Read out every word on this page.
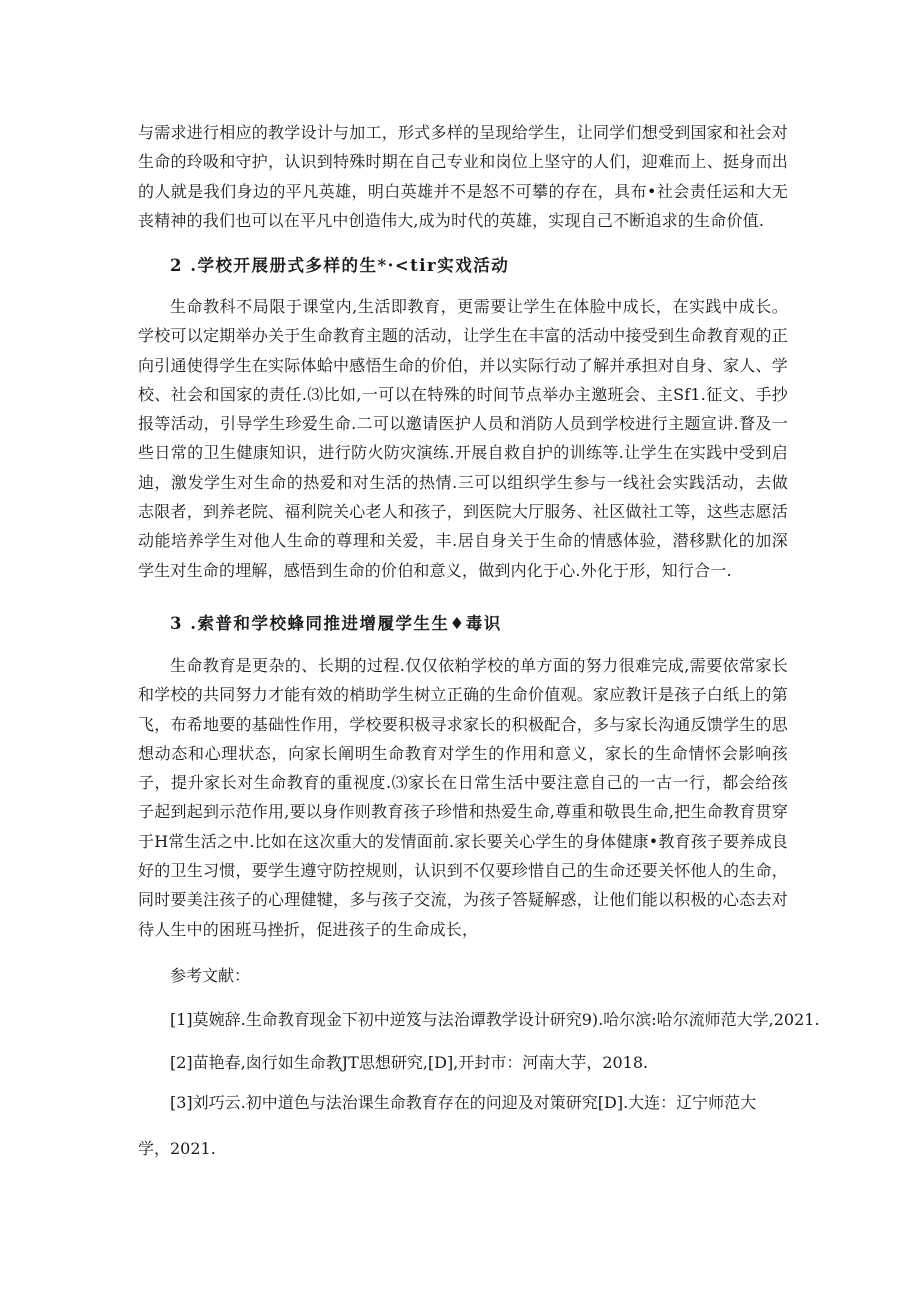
与需求进行相应的教学设计与加工，形式多样的呈现给学生，让同学们想受到国家和社会对生命的玲吸和守护，认识到特殊时期在自己专业和岗位上坚守的人们，迎难而上、挺身而出的人就是我们身边的平凡英雄，明白英雄并不是怒不可攀的存在，具布•社会责任运和大无丧精神的我们也可以在平凡中创造伟大,成为时代的英雄，实现自己不断追求的生命价值.

2 .学校开展册式多样的生*·<tir实戏活动

生命教科不局限于课堂内,生活即教育，更需要让学生在体脸中成长，在实践中成长。学校可以定期举办关于生命教育主题的活动，让学生在丰富的活动中接受到生命教育观的正向引通使得学生在实际体蛤中感悟生命的价伯，并以实际行动了解并承担对自身、家人、学校、社会和国家的责任.⑶比如,一可以在特殊的时间节点举办主邀班会、主Sf1.征文、手抄报等活动，引导学生珍爱生命.二可以邀请医护人员和消防人员到学校进行主题宣讲.瞀及一些日常的卫生健康知识，进行防火防灾演练.开展自救自护的训练等.让学生在实践中受到启迪，激发学生对生命的热爱和对生活的热情.三可以组织学生参与一线社会实践活动，去做志限者，到养老院、福利院关心老人和孩子，到医院大厅服务、社区做社工等，这些志愿活动能培养学生对他人生命的尊理和关爱，丰.居自身关于生命的情感体验，潜移默化的加深学生对生命的埋解，感悟到生命的价伯和意义，做到内化于心.外化于形，知行合一.

3 .索普和学校蜂同推进增履学生生♦毒识

生命教育是更杂的、长期的过程.仅仅依粕学校的单方面的努力很难完成,需要依常家长和学校的共同努力才能有效的梢助学生树立正确的生命价值观。家应教讦是孩子白纸上的第飞，布希地要的基础性作用，学校要积极寻求家长的积极配合，多与家长沟通反馈学生的思想动态和心理状态，向家长阐明生命教育对学生的作用和意义，家长的生命情怀会影响孩子，提升家长对生命教育的重视度.⑶家长在日常生活中要注意自己的一古一行，都会给孩子起到起到示范作用,要以身作则教育孩子珍惜和热爱生命,尊重和敬畏生命,把生命教育贯穿于H常生活之中.比如在这次重大的发情面前.家长要关心学生的身体健康•教育孩子要养成良好的卫生习惯，要学生遵守防控规则，认识到不仅要珍惜自己的生命还要关怀他人的生命，同时要美注孩子的心理健犍，多与孩子交流，为孩子答疑解惑，让他们能以积极的心态去对待人生中的困班马挫折，促进孩子的生命成长，

参考文献：

[1]莫婉辞.生命教育现金下初中逆笈与法治谭教学设计研究9).哈尔滨:哈尔流师范大学,2021.

[2]苗艳春,囱行如生命教JT思想研究,[D],开封市：河南大芋，2018.

[3]刘巧云.初中道色与法治课生命教育存在的问迎及对策研究[D].大连：辽宁师范大学，2021.
